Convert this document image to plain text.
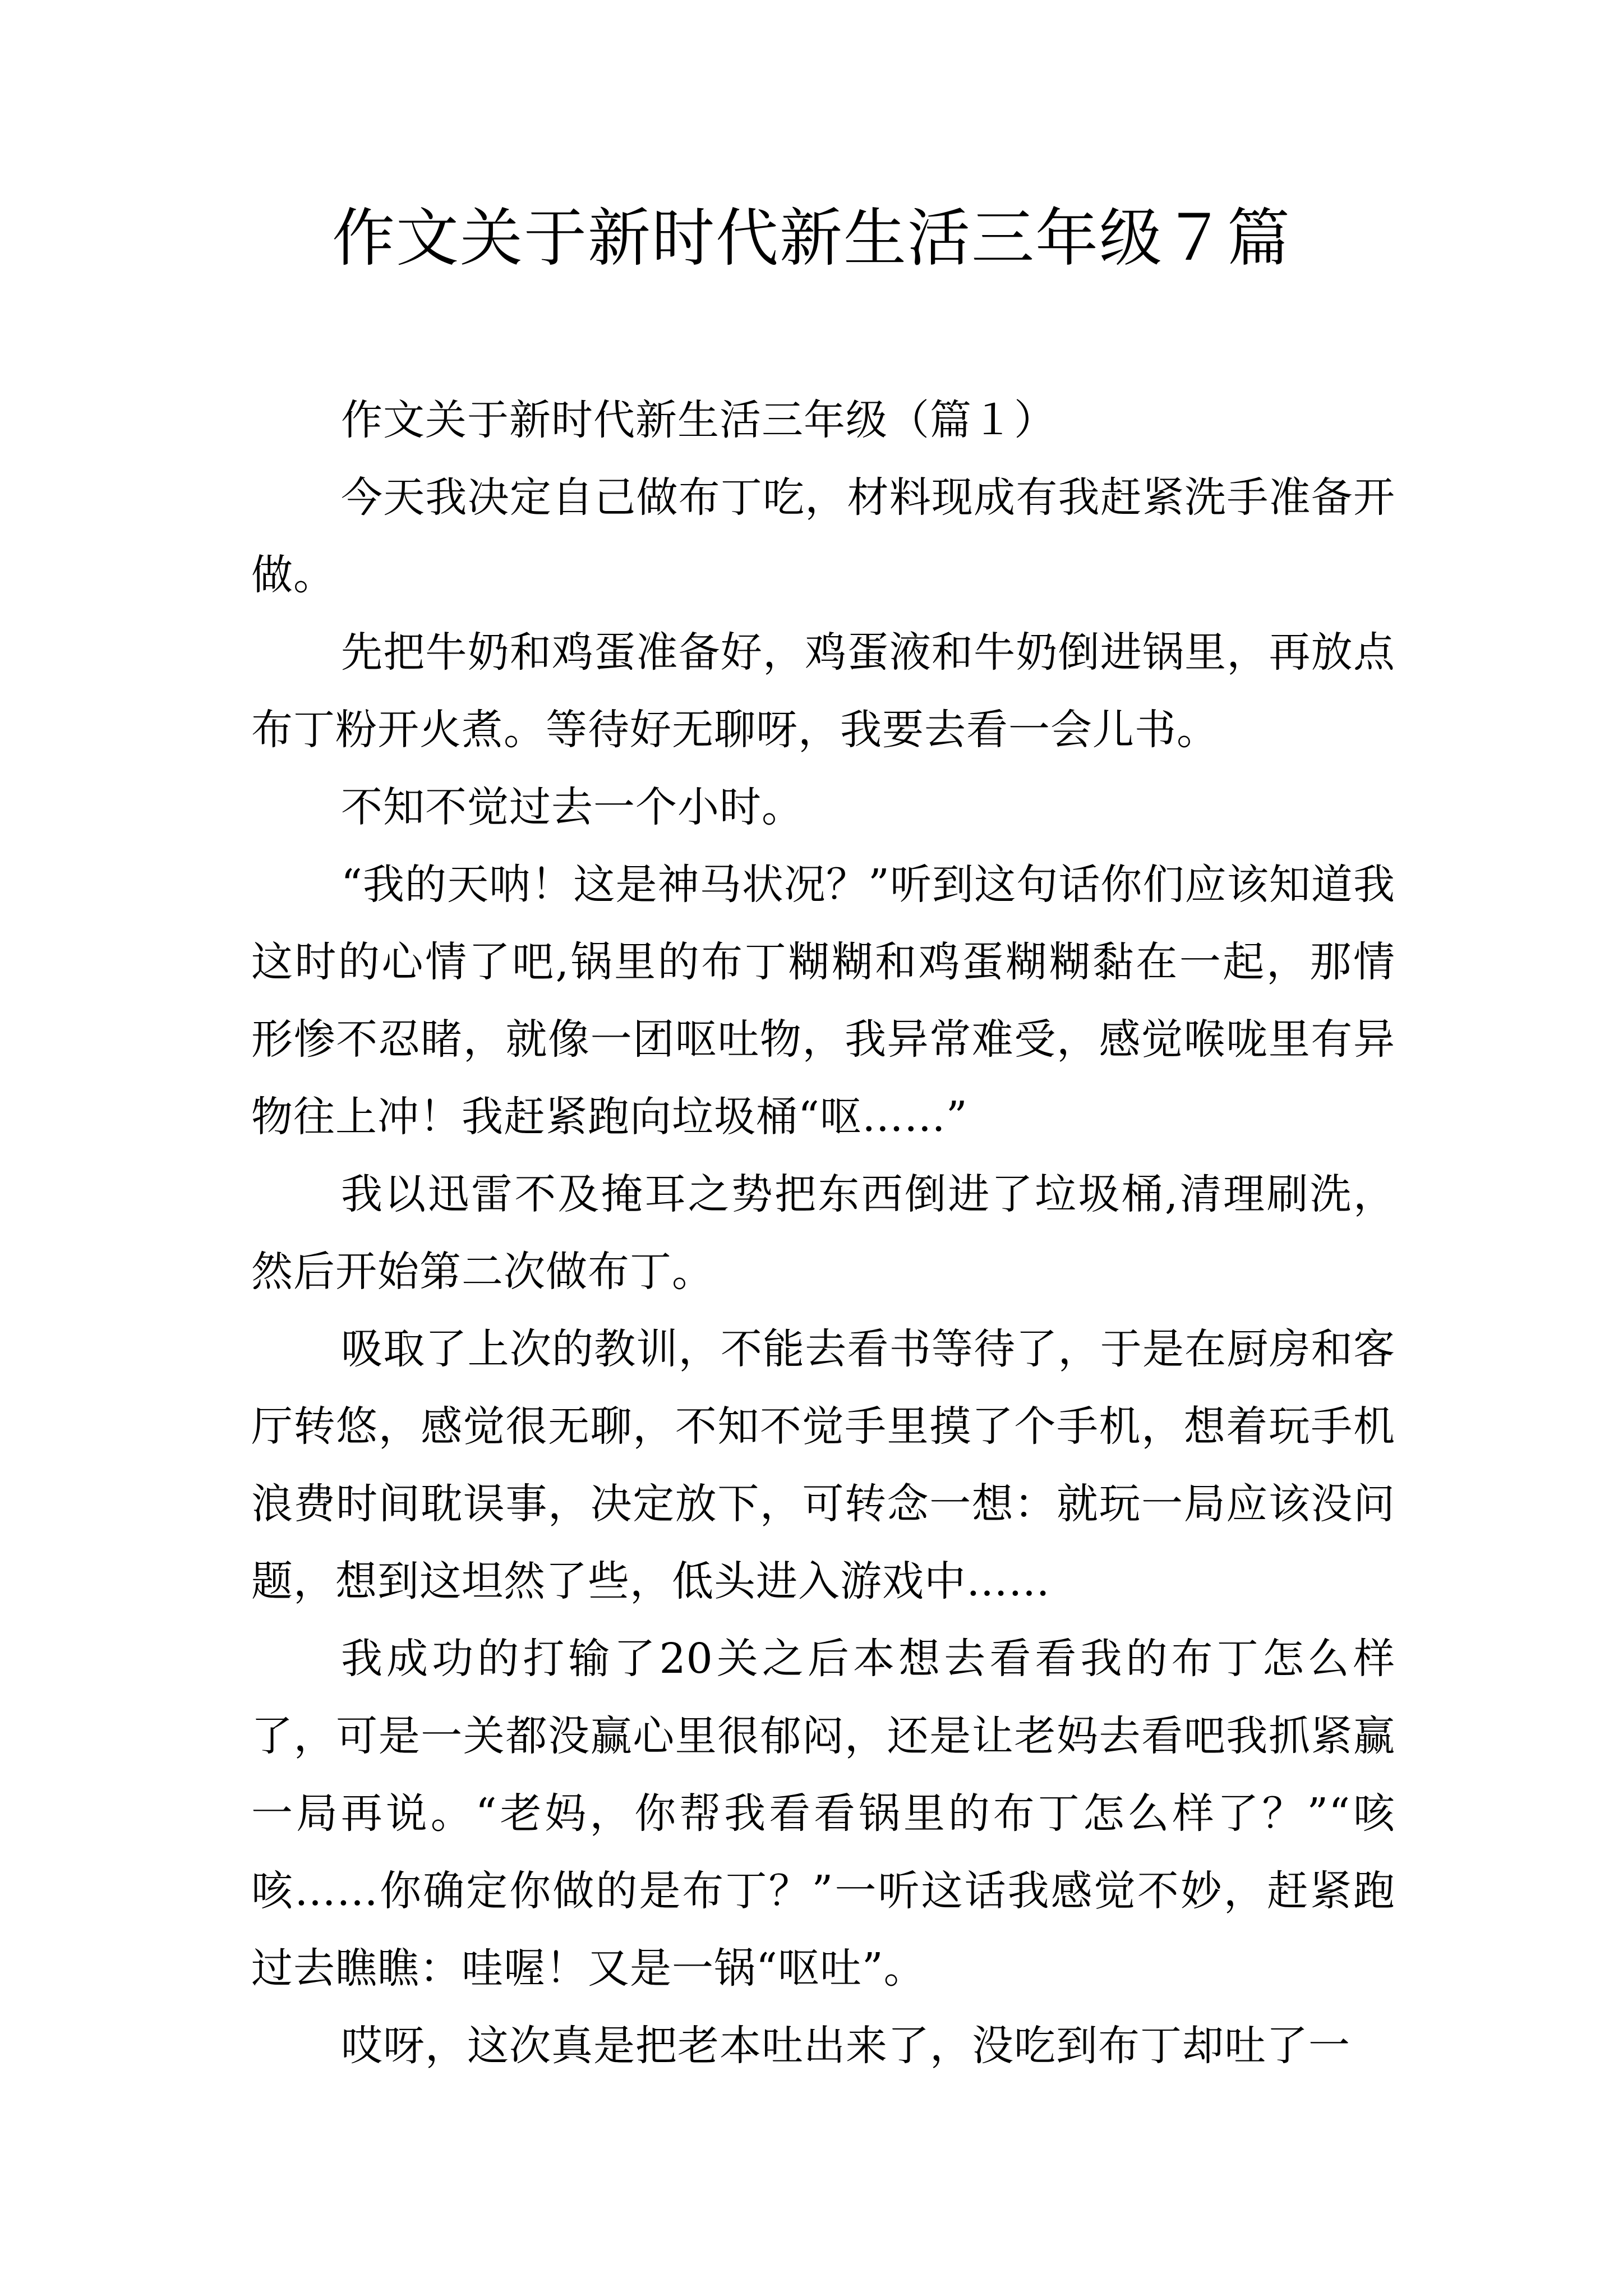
作文关于新时代新生活三年级７篇

作文关于新时代新生活三年级（篇１）

今天我决定自己做布丁吃，材料现成有我赶紧洗手准备开做。

先把牛奶和鸡蛋准备好，鸡蛋液和牛奶倒进锅里，再放点布丁粉开火煮。等待好无聊呀，我要去看一会儿书。

不知不觉过去一个小时。

“我的天呐！这是神马状况？”听到这句话你们应该知道我这时的心情了吧,锅里的布丁糊糊和鸡蛋糊糊黏在一起，那情形惨不忍睹，就像一团呕吐物，我异常难受，感觉喉咙里有异物往上冲！我赶紧跑向垃圾桶“呕……”

我以迅雷不及掩耳之势把东西倒进了垃圾桶,清理刷洗，然后开始第二次做布丁。

吸取了上次的教训，不能去看书等待了，于是在厨房和客厅转悠，感觉很无聊，不知不觉手里摸了个手机，想着玩手机浪费时间耽误事，决定放下，可转念一想：就玩一局应该没问题，想到这坦然了些，低头进入游戏中……

我成功的打输了20关之后本想去看看我的布丁怎么样了，可是一关都没赢心里很郁闷，还是让老妈去看吧我抓紧赢一局再说。“老妈，你帮我看看锅里的布丁怎么样了？”“咳咳……你确定你做的是布丁？”一听这话我感觉不妙，赶紧跑过去瞧瞧：哇喔！又是一锅“呕吐”。

哎呀，这次真是把老本吐出来了，没吃到布丁却吐了一
